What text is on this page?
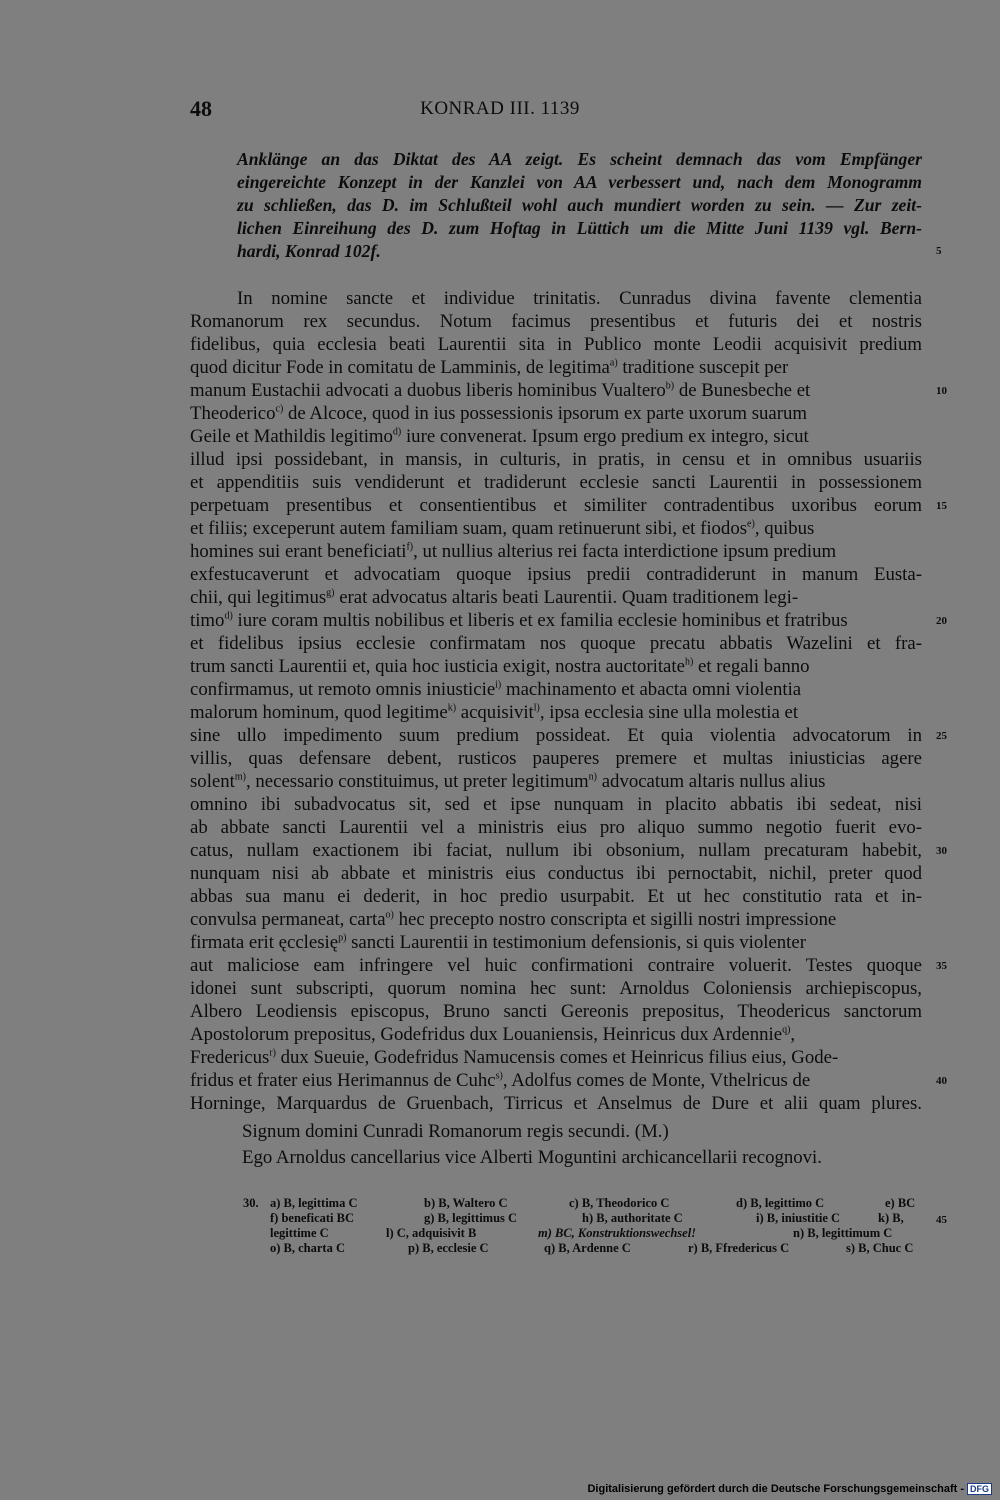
48	KONRAD III. 1139
Anklänge an das Diktat des AA zeigt. Es scheint demnach das vom Empfänger
eingereichte Konzept in der Kanzlei von AA verbessert und, nach dem Monogramm
zu schließen, das D. im Schlußteil wohl auch mundiert worden zu sein. — Zur zeit-
lichen Einreihung des D. zum Hoftag in Lüttich um die Mitte Juni 1139 vgl. Bern-
hardi, Konrad 102f.	5
In nomine sancte et individue trinitatis. Cunradus divina favente clementia
Romanorum rex secundus. Notum facimus presentibus et futuris dei et nostris
fidelibus, quia ecclesia beati Laurentii sita in Publico monte Leodii acquisivit predium
quod dicitur Fode in comitatu de Lamminis, de legitima$^{a)}$ traditione suscepit per
manum Eustachii advocati a duobus liberis hominibus Vualtero$^{b)}$ de Bunesbeche et
Theoderico$^{c)}$ de Alcoce, quod in ius possessionis ipsorum ex parte uxorum suarum
Geile et Mathildis legitimo$^{d)}$ iure convenerat. Ipsum ergo predium ex integro, sicut
illud ipsi possidebant, in mansis, in culturis, in pratis, in censu et in omnibus usuariis
et appenditiis suis vendiderunt et tradiderunt ecclesie sancti Laurentii in possessionem
perpetuam presentibus et consentientibus et similiter contradentibus uxoribus eorum
et filiis; exceperunt autem familiam suam, quam retinuerunt sibi, et fiodos$^{e)}$, quibus
homines sui erant beneficiati$^{f)}$, ut nullius alterius rei facta interdictione ipsum predium
exfestucaverunt et advocatiam quoque ipsius predii contradiderunt in manum Eusta-
chii, qui legitimus$^{g)}$ erat advocatus altaris beati Laurentii. Quam traditionem legi-
timo$^{d)}$ iure coram multis nobilibus et liberis et ex familia ecclesie hominibus et fratribus
et fidelibus ipsius ecclesie confirmatam nos quoque precatu abbatis Wazelini et fra-
trum sancti Laurentii et, quia hoc iusticia exigit, nostra auctoritate$^{h)}$ et regali banno
confirmamus, ut remoto omnis iniusticie$^{i)}$ machinamento et abacta omni violentia
malorum hominum, quod legitime$^{k)}$ acquisivit$^{l)}$, ipsa ecclesia sine ulla molestia et
sine ullo impedimento suum predium possideat. Et quia violentia advocatorum in
villis, quas defensare debent, rusticos pauperes premere et multas iniusticias agere
solent$^{m)}$, necessario constituimus, ut preter legitimum$^{n)}$ advocatum altaris nullus alius
omnino ibi subadvocatus sit, sed et ipse nunquam in placito abbatis ibi sedeat, nisi
ab abbate sancti Laurentii vel a ministris eius pro aliquo summo negotio fuerit evo-
catus, nullam exactionem ibi faciat, nullum ibi obsonium, nullam precaturam habebit,
nunquam nisi ab abbate et ministris eius conductus ibi pernoctabit, nichil, preter quod
abbas sua manu ei dederit, in hoc predio usurpabit. Et ut hec constitutio rata et in-
convulsa permaneat, carta$^{o)}$ hec precepto nostro conscripta et sigilli nostri impressione
firmata erit ęcclesię$^{p)}$ sancti Laurentii in testimonium defensionis, si quis violenter
aut maliciose eam infringere vel huic confirmationi contraire voluerit. Testes quoque
idonei sunt subscripti, quorum nomina hec sunt: Arnoldus Coloniensis archiepiscopus,
Albero Leodiensis episcopus, Bruno sancti Gereonis prepositus, Theodericus sanctorum
Apostolorum prepositus, Godefridus dux Louaniensis, Heinricus dux Ardennie$^{q)}$,
Fredericus$^{r)}$ dux Sueuie, Godefridus Namucensis comes et Heinricus filius eius, Gode-
fridus et frater eius Herimannus de Cuhc$^{s)}$, Adolfus comes de Monte, Vthelricus de
Horninge, Marquardus de Gruenbach, Tirricus et Anselmus de Dure et alii quam plures.
Signum domini Cunradi Romanorum regis secundi. (M.)
Ego Arnoldus cancellarius vice Alberti Moguntini archicancellarii recognovi.
10
15
20
25
30
35
40
45
30. a) B, legittima C	b) B, Waltero C	c) B, Theodorico C	d) B, legittimo C	e) BC
f) beneficati BC	g) B, legittimus C	h) B, authoritate C	i) B, iniustitie C	k) B,
legittime C	l) C, adquisivit B	m) BC, Konstruktionswechsel!	n) B, legittimum C
o) B, charta C	p) B, ecclesie C	q) B, Ardenne C	r) B, Ffredericus C	s) B, Chuc C
Digitalisierung gefördert durch die Deutsche Forschungsgemeinschaft - DFG
